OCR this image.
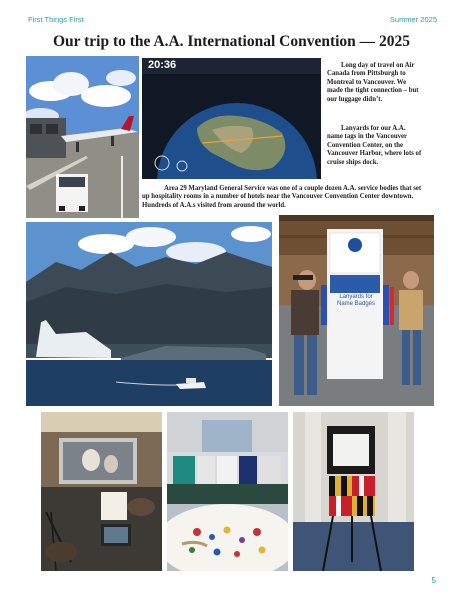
First Things First	Summer 2025
Our trip to the A.A. International Convention — 2025
20:36	Long day of travel on Air Canada from Pittsburgh to Montreal to Vancouver. We made the tight connection – but our luggage didn’t.
Lanyards for our A.A. name tags in the Vancouver Convention Center, on the Vancouver Harbor, where lots of cruise ships dock.
Area 29 Maryland General Service was one of a couple dozen A.A. service bodies that set up hospitality rooms in a number of hotels near the Vancouver Convention Center downtown. Hundreds of A.A.s visited from around the world.
Lanyards for Name Badges
5
